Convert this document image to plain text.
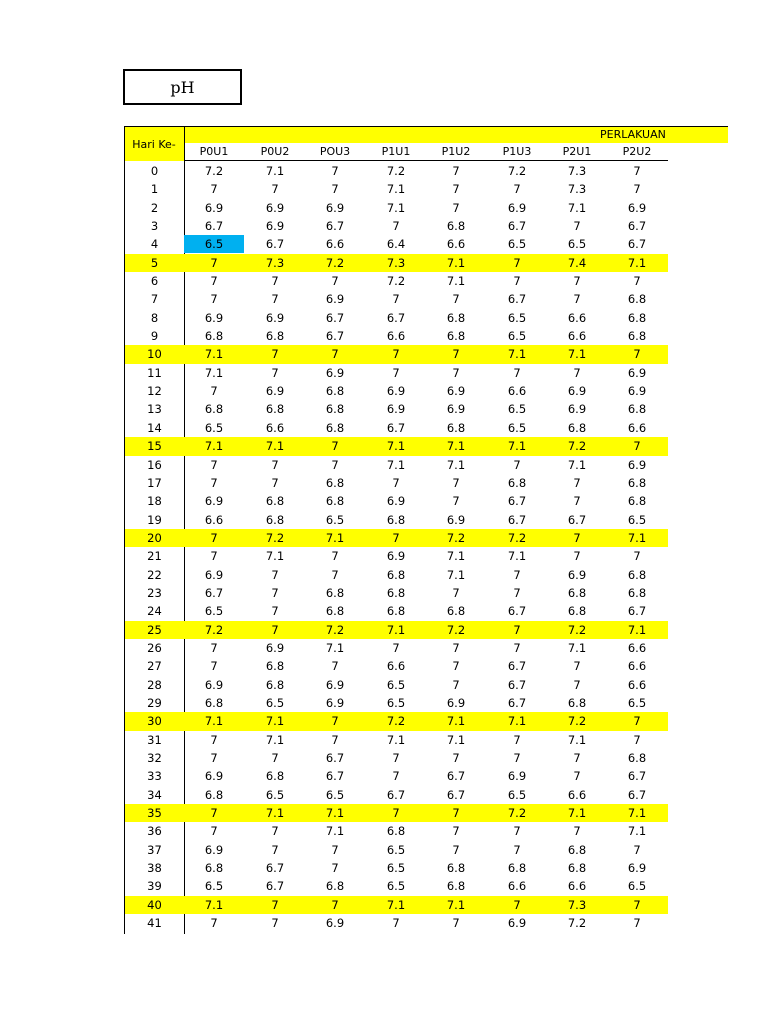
pH
PERLAKUAN
Hari Ke-
P0U1	P0U2	POU3	P1U1	P1U2	P1U3	P2U1	P2U2
0	7.2	7.1	7	7.2	7	7.2	7.3	7
1	7	7	7	7.1	7	7	7.3	7
2	6.9	6.9	6.9	7.1	7	6.9	7.1	6.9
3	6.7	6.9	6.7	7	6.8	6.7	7	6.7
4	6.5	6.7	6.6	6.4	6.6	6.5	6.5	6.7
5	7	7.3	7.2	7.3	7.1	7	7.4	7.1
6	7	7	7	7.2	7.1	7	7	7
7	7	7	6.9	7	7	6.7	7	6.8
8	6.9	6.9	6.7	6.7	6.8	6.5	6.6	6.8
9	6.8	6.8	6.7	6.6	6.8	6.5	6.6	6.8
10	7.1	7	7	7	7	7.1	7.1	7
11	7.1	7	6.9	7	7	7	7	6.9
12	7	6.9	6.8	6.9	6.9	6.6	6.9	6.9
13	6.8	6.8	6.8	6.9	6.9	6.5	6.9	6.8
14	6.5	6.6	6.8	6.7	6.8	6.5	6.8	6.6
15	7.1	7.1	7	7.1	7.1	7.1	7.2	7
16	7	7	7	7.1	7.1	7	7.1	6.9
17	7	7	6.8	7	7	6.8	7	6.8
18	6.9	6.8	6.8	6.9	7	6.7	7	6.8
19	6.6	6.8	6.5	6.8	6.9	6.7	6.7	6.5
20	7	7.2	7.1	7	7.2	7.2	7	7.1
21	7	7.1	7	6.9	7.1	7.1	7	7
22	6.9	7	7	6.8	7.1	7	6.9	6.8
23	6.7	7	6.8	6.8	7	7	6.8	6.8
24	6.5	7	6.8	6.8	6.8	6.7	6.8	6.7
25	7.2	7	7.2	7.1	7.2	7	7.2	7.1
26	7	6.9	7.1	7	7	7	7.1	6.6
27	7	6.8	7	6.6	7	6.7	7	6.6
28	6.9	6.8	6.9	6.5	7	6.7	7	6.6
29	6.8	6.5	6.9	6.5	6.9	6.7	6.8	6.5
30	7.1	7.1	7	7.2	7.1	7.1	7.2	7
31	7	7.1	7	7.1	7.1	7	7.1	7
32	7	7	6.7	7	7	7	7	6.8
33	6.9	6.8	6.7	7	6.7	6.9	7	6.7
34	6.8	6.5	6.5	6.7	6.7	6.5	6.6	6.7
35	7	7.1	7.1	7	7	7.2	7.1	7.1
36	7	7	7.1	6.8	7	7	7	7.1
37	6.9	7	7	6.5	7	7	6.8	7
38	6.8	6.7	7	6.5	6.8	6.8	6.8	6.9
39	6.5	6.7	6.8	6.5	6.8	6.6	6.6	6.5
40	7.1	7	7	7.1	7.1	7	7.3	7
41	7	7	6.9	7	7	6.9	7.2	7
